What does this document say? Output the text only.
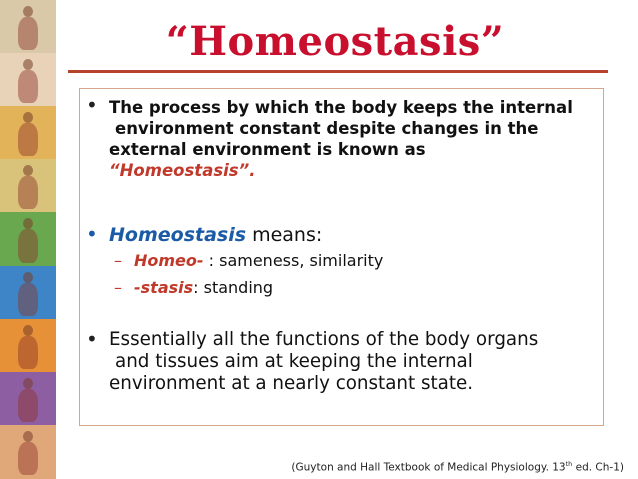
“Homeostasis”
• The process by which the body keeps the internal
environment constant despite changes in the
external environment is known as
“Homeostasis”.
• Homeostasis means:
– Homeo- : sameness, similarity
– -stasis: standing
• Essentially all the functions of the body organs
and tissues aim at keeping the internal
environment at a nearly constant state.
(Guyton and Hall Textbook of Medical Physiology. 13th ed. Ch-1)
